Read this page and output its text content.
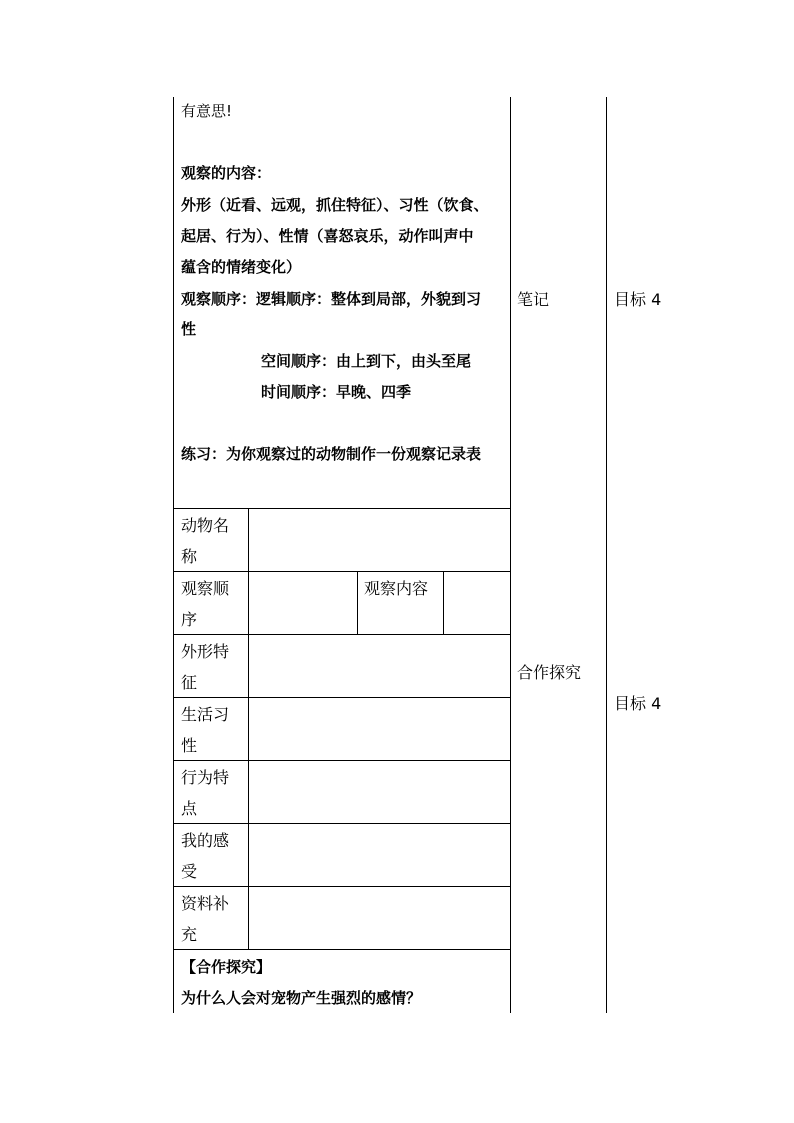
有意思!
观察的内容：
外形（近看、远观，抓住特征）、习性（饮食、
起居、行为）、性情（喜怒哀乐，动作叫声中
蕴含的情绪变化）
观察顺序：逻辑顺序：整体到局部，外貌到习
性
空间顺序：由上到下，由头至尾
时间顺序：早晚、四季
练习：为你观察过的动物制作一份观察记录表
动物名
称
观察顺
序
观察内容
外形特
征
生活习
性
行为特
点
我的感
受
资料补
充
【合作探究】
为什么人会对宠物产生强烈的感情？
笔记
合作探究
目标 4
目标 4
